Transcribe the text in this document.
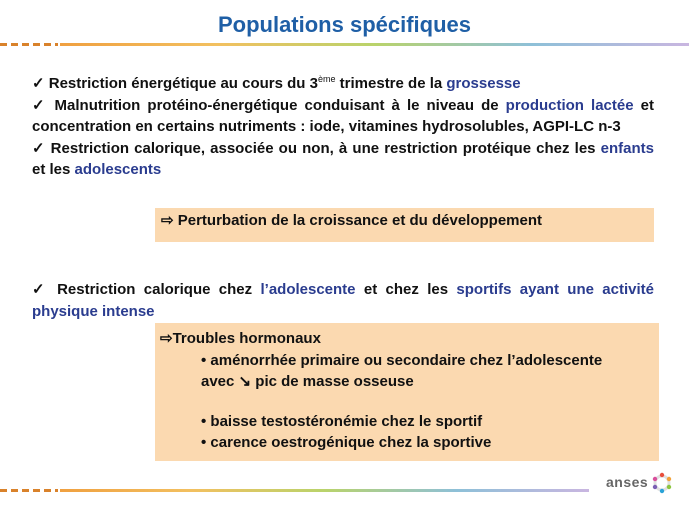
Populations spécifiques
✓ Restriction énergétique au cours du 3ème trimestre de la grossesse
✓ Malnutrition protéino-énergétique conduisant à le niveau de production lactée et concentration en certains nutriments : iode, vitamines hydrosolubles, AGPI-LC n-3
✓ Restriction calorique, associée ou non, à une restriction protéique chez les enfants et les adolescents
⇨ Perturbation de la croissance et du développement
✓ Restriction calorique chez l’adolescente et chez les sportifs ayant une activité physique intense
⇨Troubles hormonaux
• aménorrhée primaire ou secondaire chez l’adolescente
avec ↘ pic de masse osseuse
• baisse testostéronémie chez le sportif
• carence oestrogénique chez la sportive
anses
